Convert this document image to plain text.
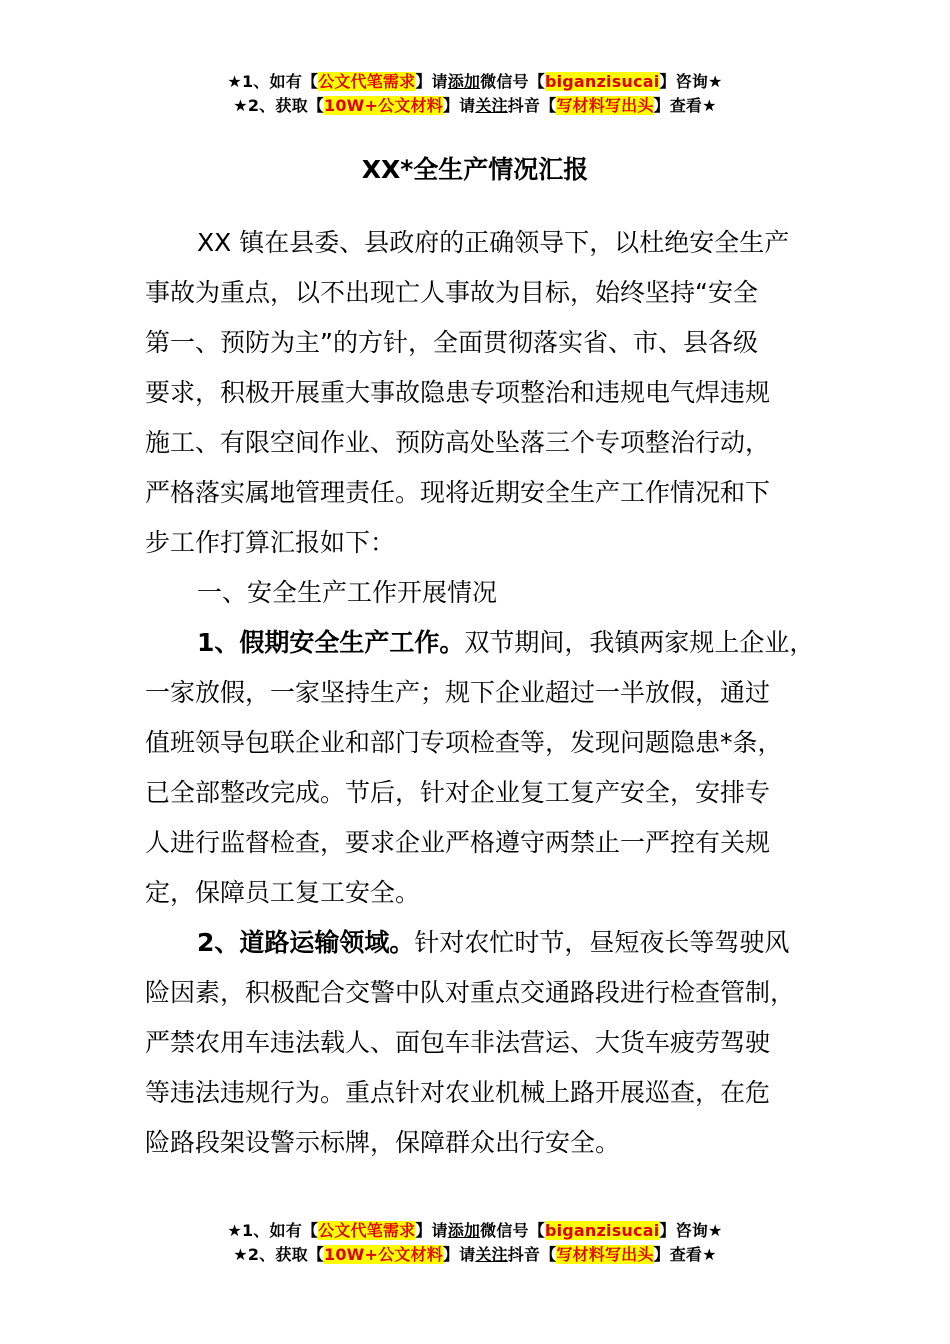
★1、如有【公文代笔需求】请添加微信号【biganzisucai】咨询★
★2、获取【10W+公文材料】请关注抖音【写材料写出头】查看★
XX*全生产情况汇报

XX 镇在县委、县政府的正确领导下，以杜绝安全生产

事故为重点，以不出现亡人事故为目标，始终坚持“安全

第一、预防为主”的方针，全面贯彻落实省、市、县各级

要求，积极开展重大事故隐患专项整治和违规电气焊违规

施工、有限空间作业、预防高处坠落三个专项整治行动，

严格落实属地管理责任。现将近期安全生产工作情况和下

步工作打算汇报如下：

一、安全生产工作开展情况

1、假期安全生产工作。双节期间，我镇两家规上企业，

一家放假，一家坚持生产；规下企业超过一半放假，通过

值班领导包联企业和部门专项检查等，发现问题隐患*条，

已全部整改完成。节后，针对企业复工复产安全，安排专

人进行监督检查，要求企业严格遵守两禁止一严控有关规

定，保障员工复工安全。

2、道路运输领域。针对农忙时节，昼短夜长等驾驶风

险因素，积极配合交警中队对重点交通路段进行检查管制，

严禁农用车违法载人、面包车非法营运、大货车疲劳驾驶

等违法违规行为。重点针对农业机械上路开展巡查，在危

险路段架设警示标牌，保障群众出行安全。

★1、如有【公文代笔需求】请添加微信号【biganzisucai】咨询★
★2、获取【10W+公文材料】请关注抖音【写材料写出头】查看★
